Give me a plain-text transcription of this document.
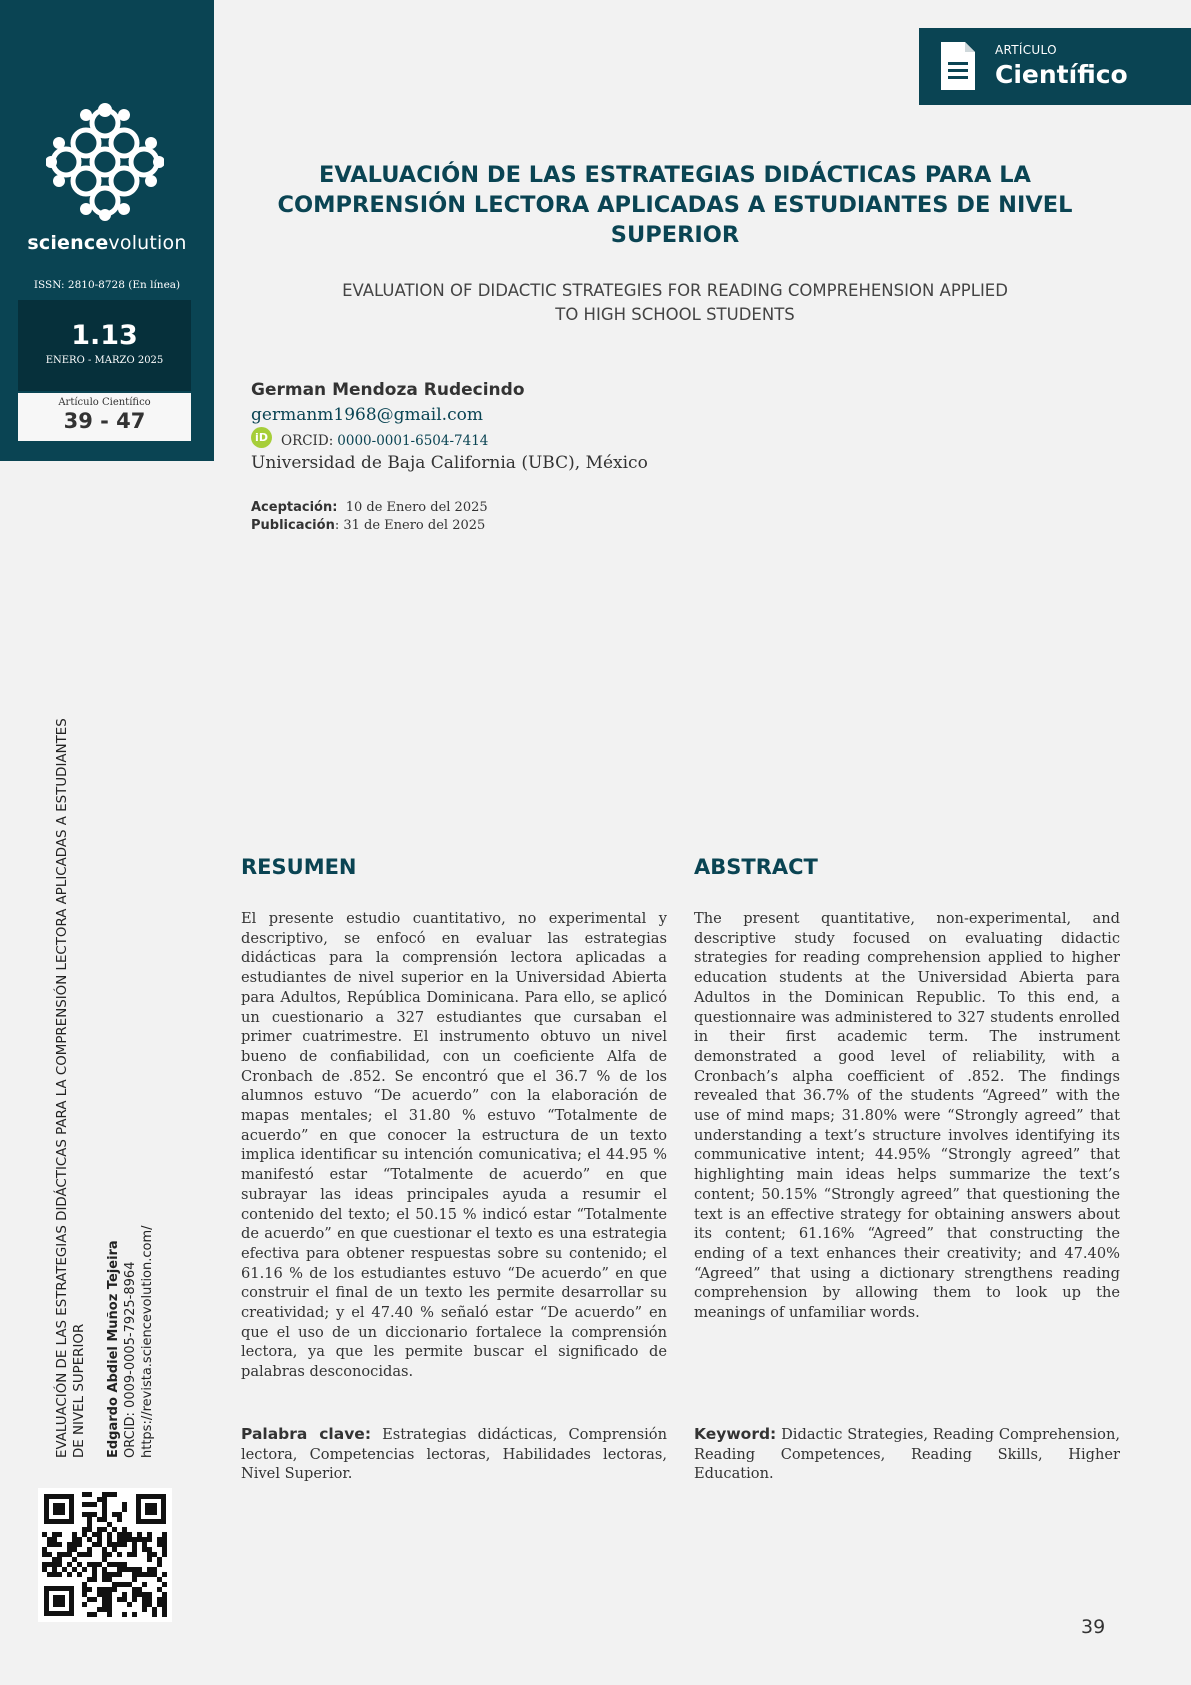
sciencevolution
ISSN: 2810-8728 (En línea)
1.13
ENERO - MARZO 2025
Artículo Científico
39 - 47
ARTÍCULO
Científico
EVALUACIÓN DE LAS ESTRATEGIAS DIDÁCTICAS PARA LA
COMPRENSIÓN LECTORA APLICADAS A ESTUDIANTES DE NIVEL
SUPERIOR
EVALUATION OF DIDACTIC STRATEGIES FOR READING COMPREHENSION APPLIED
TO HIGH SCHOOL STUDENTS
German Mendoza Rudecindo
germanm1968@gmail.com
iD ORCID: 0000-0001-6504-7414
Universidad de Baja California (UBC), México
Aceptación: 10 de Enero del 2025
Publicación: 31 de Enero del 2025
EVALUACIÓN DE LAS ESTRATEGIAS DIDÁCTICAS PARA LA COMPRENSIÓN LECTORA APLICADAS A ESTUDIANTES DE NIVEL SUPERIOR Edgardo Abdiel Muñoz Tejeira ORCID: 0009-0005-7925-8964 https://revista.sciencevolution.com/
RESUMEN

El presente estudio cuantitativo, no experimental y descriptivo, se enfocó en evaluar las estrategias didácticas para la comprensión lectora aplicadas a estudiantes de nivel superior en la Universidad Abierta para Adultos, República Dominicana. Para ello, se aplicó un cuestionario a 327 estudiantes que cursaban el primer cuatrimestre. El instrumento obtuvo un nivel bueno de confiabilidad, con un coeficiente Alfa de Cronbach de .852. Se encontró que el 36.7 % de los alumnos estuvo “De acuerdo” con la elaboración de mapas mentales; el 31.80 % estuvo “Totalmente de acuerdo” en que conocer la estructura de un texto implica identificar su intención comunicativa; el 44.95 % manifestó estar “Totalmente de acuerdo” en que subrayar las ideas principales ayuda a resumir el contenido del texto; el 50.15 % indicó estar “Totalmente de acuerdo” en que cuestionar el texto es una estrategia efectiva para obtener respuestas sobre su contenido; el 61.16 % de los estudiantes estuvo “De acuerdo” en que construir el final de un texto les permite desarrollar su creatividad; y el 47.40 % señaló estar “De acuerdo” en que el uso de un diccionario fortalece la comprensión lectora, ya que les permite buscar el significado de palabras desconocidas.

Palabra clave: Estrategias didácticas, Comprensión lectora, Competencias lectoras, Habilidades lectoras, Nivel Superior.

ABSTRACT

The present quantitative, non-experimental, and descriptive study focused on evaluating didactic strategies for reading comprehension applied to higher education students at the Universidad Abierta para Adultos in the Dominican Republic. To this end, a questionnaire was administered to 327 students enrolled in their first academic term. The instrument demonstrated a good level of reliability, with a Cronbach’s alpha coefficient of .852. The findings revealed that 36.7% of the students “Agreed” with the use of mind maps; 31.80% were “Strongly agreed” that understanding a text’s structure involves identifying its communicative intent; 44.95% “Strongly agreed” that highlighting main ideas helps summarize the text’s content; 50.15% “Strongly agreed” that questioning the text is an effective strategy for obtaining answers about its content; 61.16% “Agreed” that constructing the ending of a text enhances their creativity; and 47.40% “Agreed” that using a dictionary strengthens reading comprehension by allowing them to look up the meanings of unfamiliar words.

Keyword: Didactic Strategies, Reading Comprehension, Reading Competences, Reading Skills, Higher Education.

39
